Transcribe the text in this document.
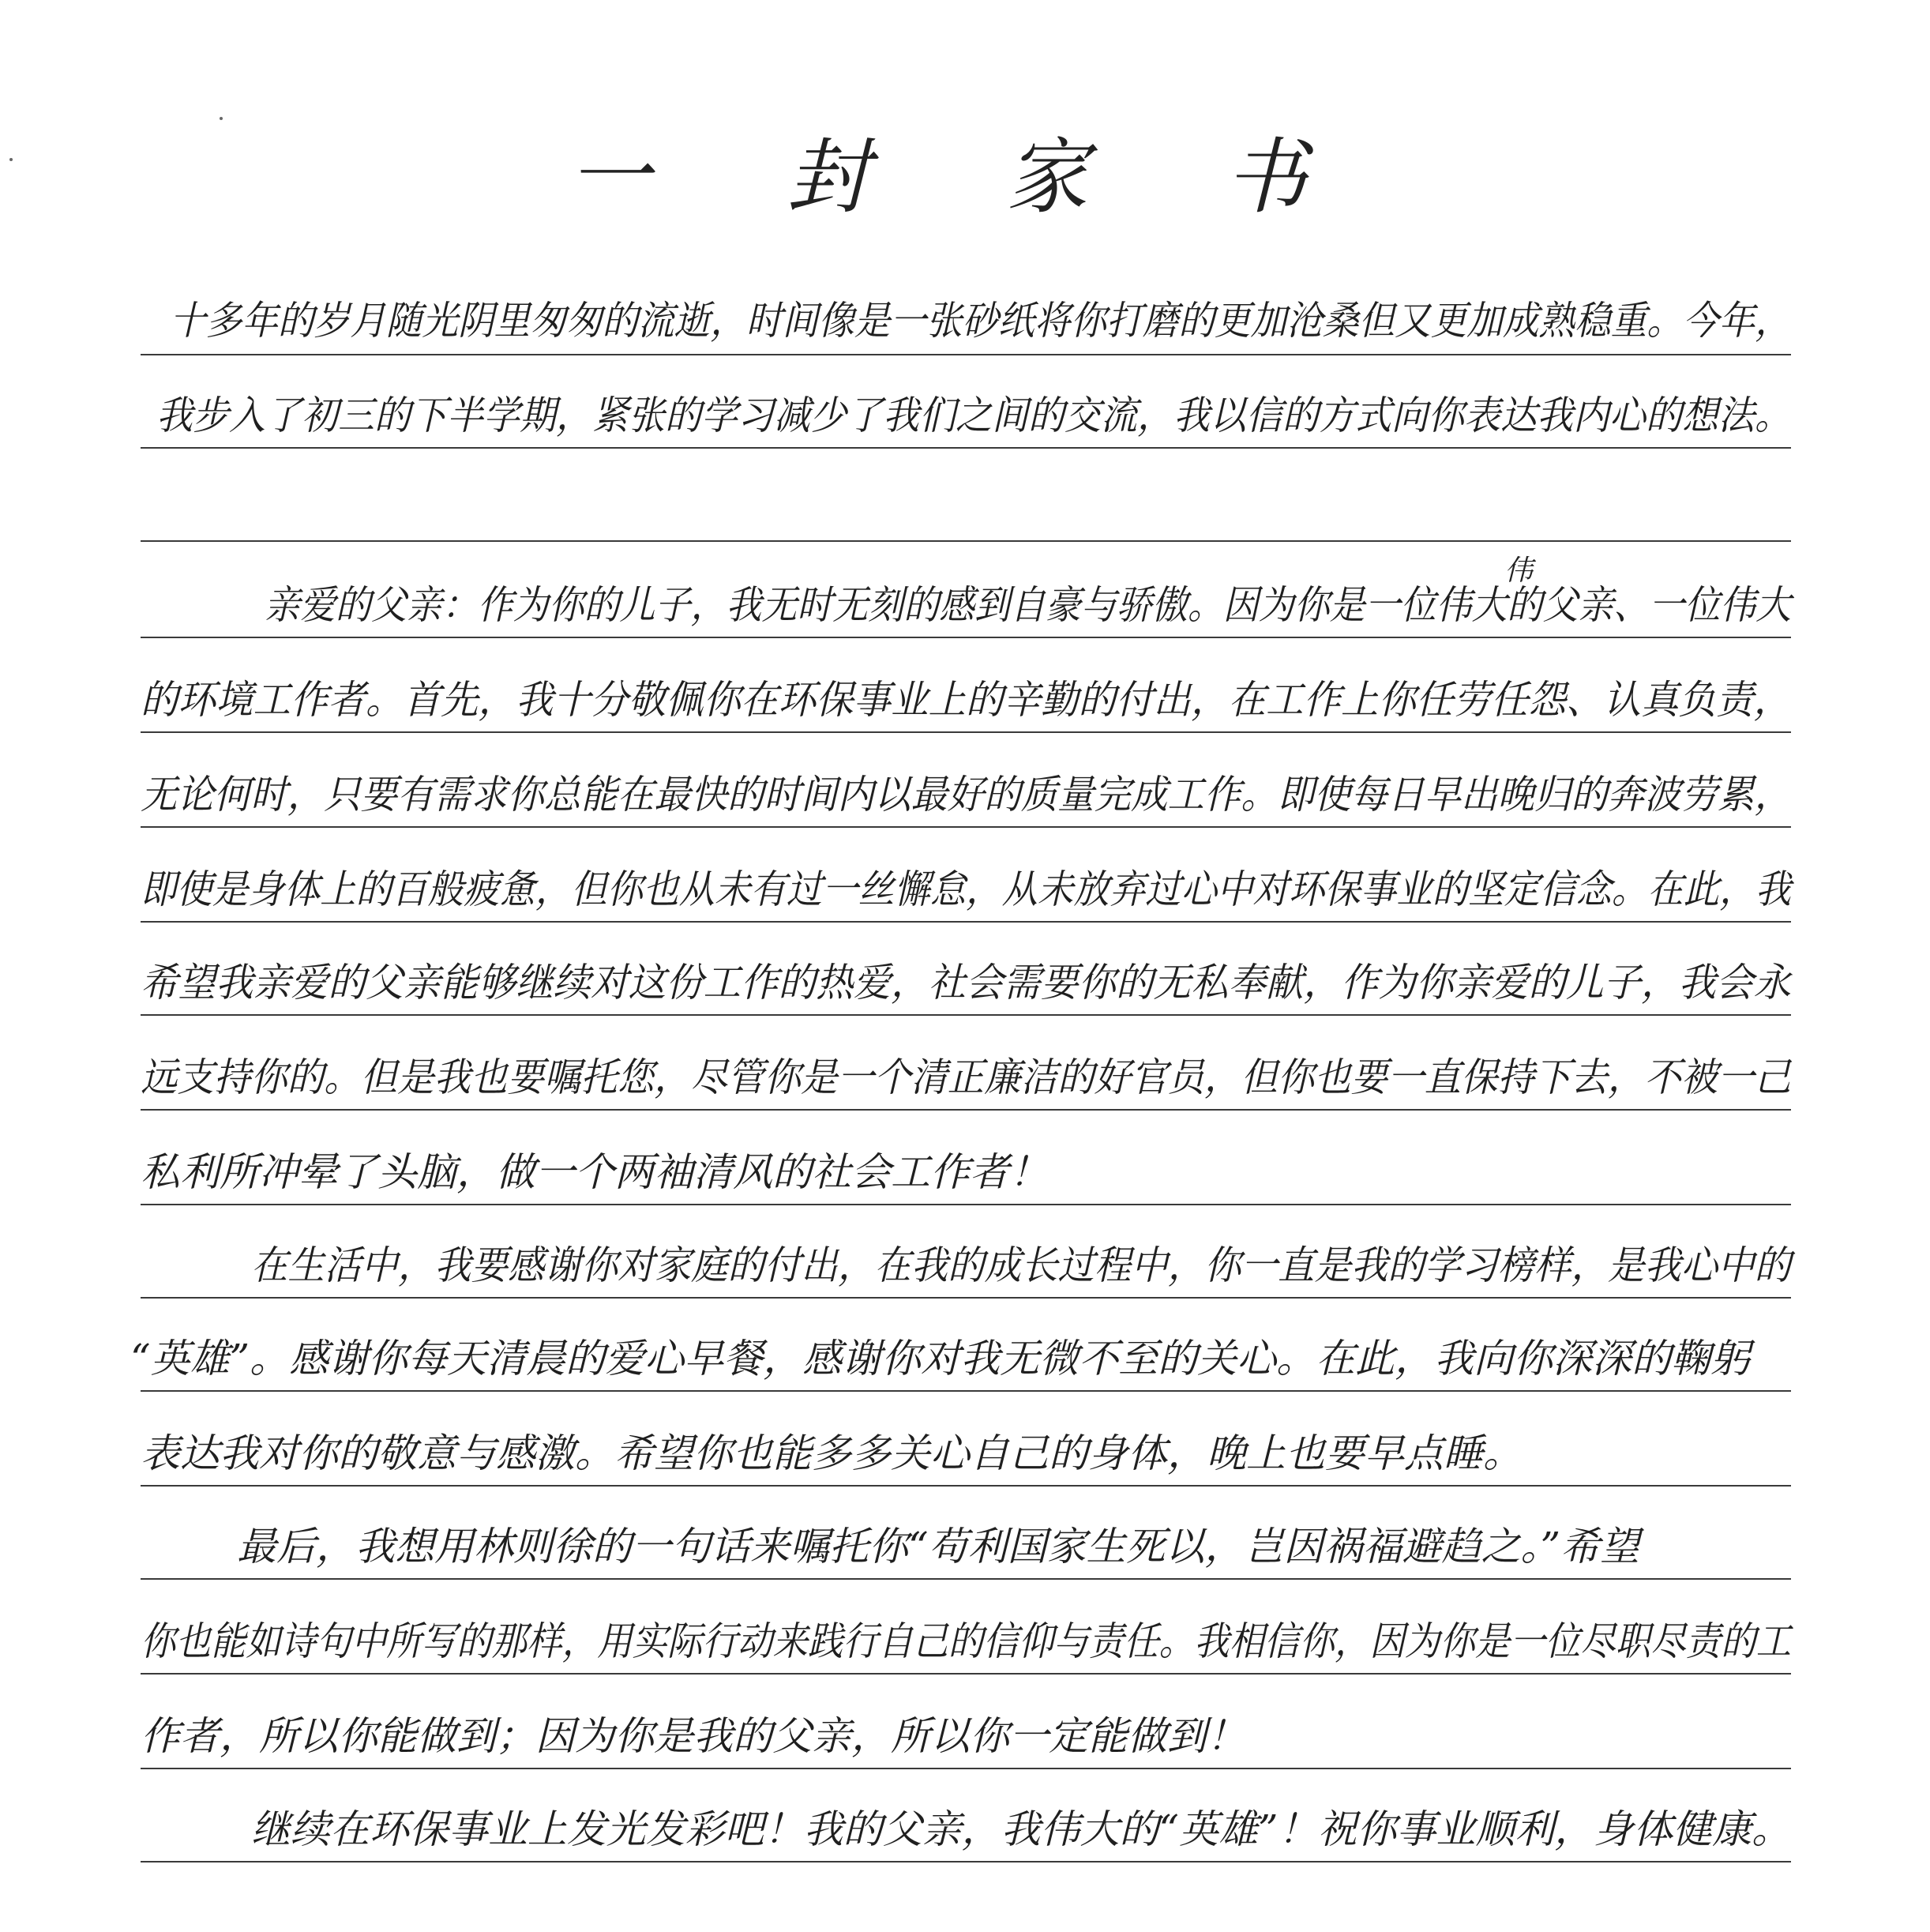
一 封 家 书
伟
十多年的岁月随光阴里匆匆的流逝，时间像是一张砂纸将你打磨的更加沧桑但又更加成熟稳重。今年，
我步入了初三的下半学期，紧张的学习减少了我们之间的交流，我以信的方式向你表达我内心的想法。
亲爱的父亲：作为你的儿子，我无时无刻的感到自豪与骄傲。因为你是一位伟大的父亲、一位伟大
的环境工作者。首先，我十分敬佩你在环保事业上的辛勤的付出，在工作上你任劳任怨、认真负责，
无论何时，只要有需求你总能在最快的时间内以最好的质量完成工作。即使每日早出晚归的奔波劳累，
即使是身体上的百般疲惫，但你也从未有过一丝懈怠，从未放弃过心中对环保事业的坚定信念。在此，我
希望我亲爱的父亲能够继续对这份工作的热爱，社会需要你的无私奉献，作为你亲爱的儿子，我会永
远支持你的。但是我也要嘱托您，尽管你是一个清正廉洁的好官员，但你也要一直保持下去，不被一己
私利所冲晕了头脑，做一个两袖清风的社会工作者！
在生活中，我要感谢你对家庭的付出，在我的成长过程中，你一直是我的学习榜样，是我心中的
“英雄”。感谢你每天清晨的爱心早餐，感谢你对我无微不至的关心。在此，我向你深深的鞠躬
表达我对你的敬意与感激。希望你也能多多关心自己的身体，晚上也要早点睡。
最后，我想用林则徐的一句话来嘱托你“苟利国家生死以，岂因祸福避趋之。”希望
你也能如诗句中所写的那样，用实际行动来践行自己的信仰与责任。我相信你，因为你是一位尽职尽责的工
作者，所以你能做到；因为你是我的父亲，所以你一定能做到！
继续在环保事业上发光发彩吧！我的父亲，我伟大的“英雄”！祝你事业顺利，身体健康。
